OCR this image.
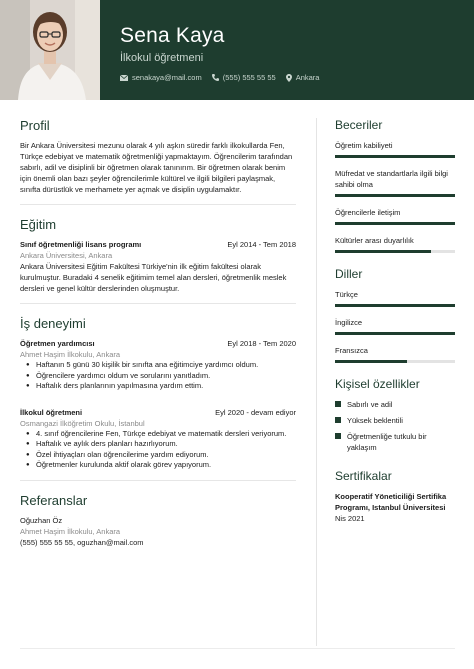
Sena Kaya
İlkokul öğretmeni
senakaya@mail.com	(555) 555 55 55	Ankara
Profil
Bir Ankara Üniversitesi mezunu olarak 4 yılı aşkın süredir farklı ilkokullarda Fen, Türkçe edebiyat ve matematik öğretmenliği yapmaktayım. Öğrencilerim tarafından sabırlı, adil ve disiplinli bir öğretmen olarak tanınırım. Bir öğretmen olarak benim için önemli olan bazı şeyler öğrencilerimle kültürel ve ilgili bilgileri paylaşmak, sınıfta dürüstlük ve merhamete yer açmak ve disiplin uygulamaktır.
Eğitim
Sınıf öğretmenliği lisans programı	Eyl 2014 - Tem 2018
Ankara Üniversitesi, Ankara
Ankara Üniversitesi Eğitim Fakültesi Türkiye'nin ilk eğitim fakültesi olarak kurulmuştur. Buradaki 4 senelik eğitimim temel alan dersleri, öğretmenlik meslek dersleri ve genel kültür derslerinden oluşmuştur.
İş deneyimi
Öğretmen yardımcısı	Eyl 2018 - Tem 2020
Ahmet Haşim İlkokulu, Ankara
● Haftanın 5 günü 30 kişilik bir sınıfta ana eğitimciye yardımcı oldum.
● Öğrencilere yardımcı oldum ve sorularını yanıtladım.
● Haftalık ders planlarının yapılmasına yardım ettim.
İlkokul öğretmeni	Eyl 2020 - devam ediyor
Osmangazi İlköğretim Okulu, İstanbul
● 4. sınıf öğrencilerine Fen, Türkçe edebiyat ve matematik dersleri veriyorum.
● Haftalık ve aylık ders planları hazırlıyorum.
● Özel ihtiyaçları olan öğrencilerime yardım ediyorum.
● Öğretmenler kurulunda aktif olarak görev yapıyorum.
Referanslar
Oğuzhan Öz
Ahmet Haşim İlkokulu, Ankara
(555) 555 55 55, oguzhan@mail.com
Beceriler
Öğretim kabiliyeti
Müfredat ve standartlarla ilgili bilgi sahibi olma
Öğrencilerle iletişim
Kültürler arası duyarlılık
Diller
Türkçe
İngilizce
Fransızca
Kişisel özellikler
Sabırlı ve adil
Yüksek beklentili
Öğretmenliğe tutkulu bir yaklaşım
Sertifikalar
Kooperatif Yöneticiliği Sertifika Programı, Istanbul Üniversitesi
Nis 2021
